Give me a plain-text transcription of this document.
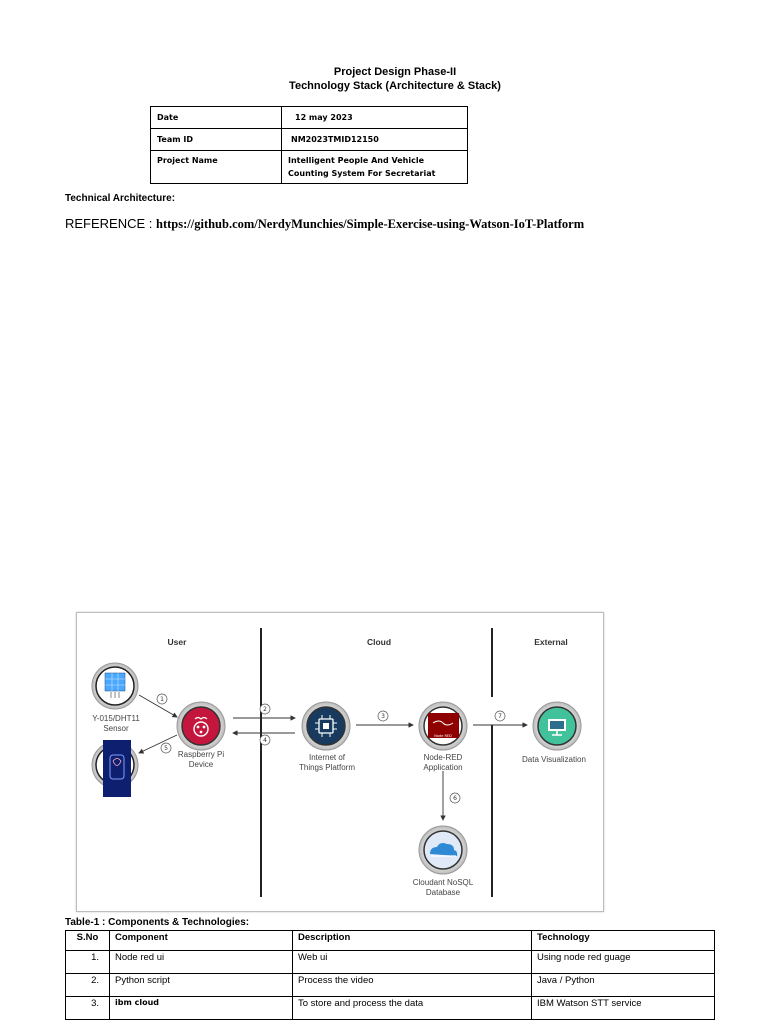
Project Design Phase-II
Technology Stack (Architecture & Stack)
Date	12 may 2023
Team ID	NM2023TMID12150
Project Name	Intelligent People And Vehicle
Counting System For Secretariat
Technical Architecture:
REFERENCE : https://github.com/NerdyMunchies/Simple-Exercise-using-Watson-IoT-Platform
1
2
3
4
5
6
7
Node RED
User	Cloud	External
Y-015/DHT11
Sensor
Raspberry Pi
Device
Internet of
Things Platform
Node-RED
Application
Data Visualization
Cloudant NoSQL
Database
Table-1 : Components & Technologies:
S.No	Component	Description	Technology
1.	Node red ui	Web ui	Using node red guage
2.	Python script	Process the video	Java / Python
3.	ibm cloud	To store and process the data	IBM Watson STT service
